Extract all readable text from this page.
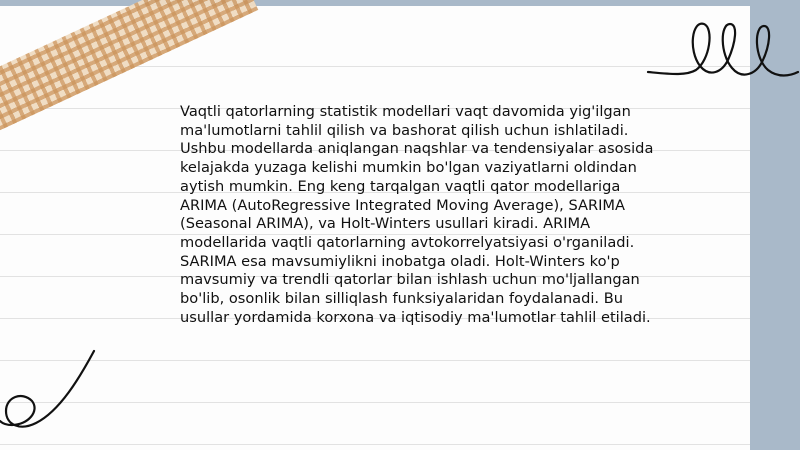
Vaqtli qatorlarning statistik modellari vaqt davomida yig'ilgan ma'lumotlarni tahlil qilish va bashorat qilish uchun ishlatiladi. Ushbu modellarda aniqlangan naqshlar va tendensiyalar asosida kelajakda yuzaga kelishi mumkin bo'lgan vaziyatlarni oldindan aytish mumkin. Eng keng tarqalgan vaqtli qator modellariga ARIMA (AutoRegressive Integrated Moving Average), SARIMA (Seasonal ARIMA), va Holt-Winters usullari kiradi. ARIMA modellarida vaqtli qatorlarning avtokorrelyatsiyasi o'rganiladi. SARIMA esa mavsumiylikni inobatga oladi. Holt-Winters ko'p mavsumiy va trendli qatorlar bilan ishlash uchun mo'ljallangan bo'lib, osonlik bilan silliqlash funksiyalaridan foydalanadi. Bu usullar yordamida korxona va iqtisodiy ma'lumotlar tahlil etiladi.
